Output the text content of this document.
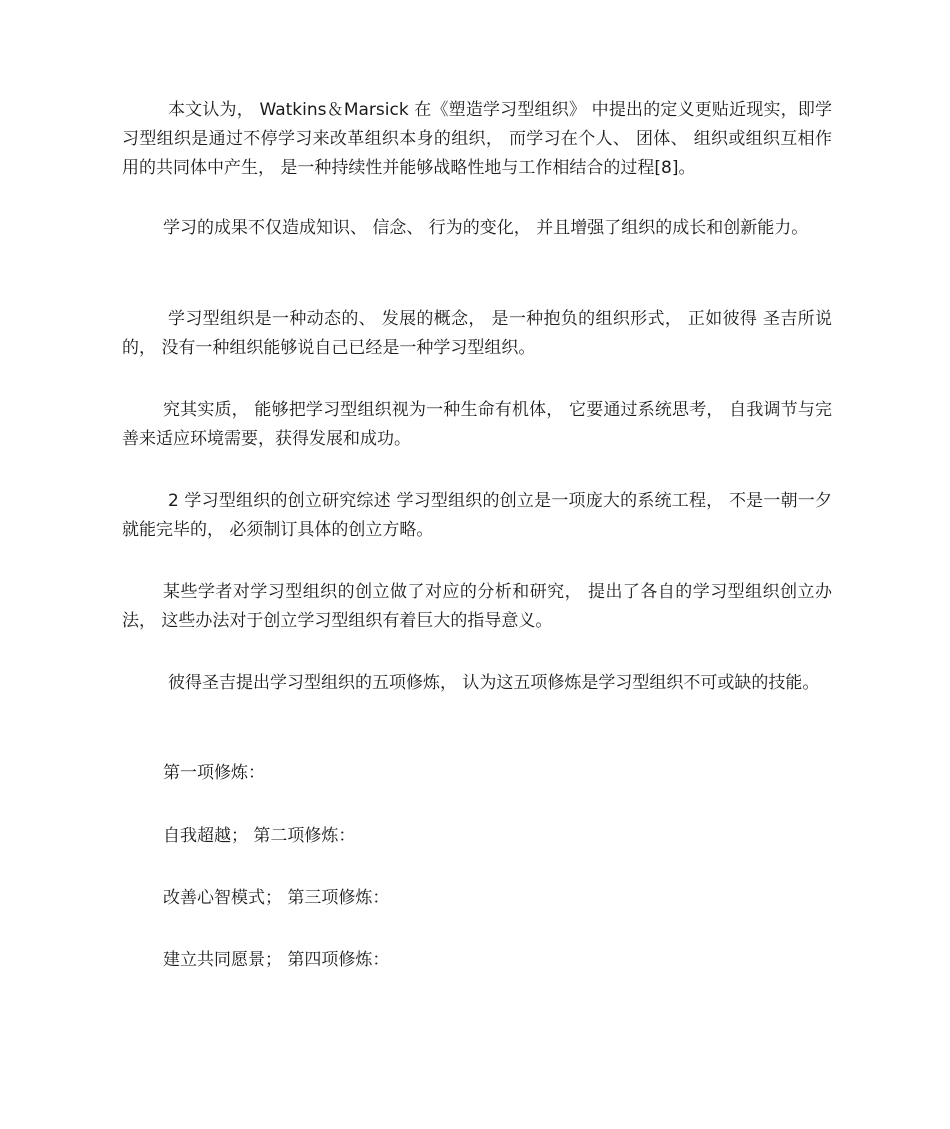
本文认为， Watkins＆Marsick 在《塑造学习型组织》 中提出的定义更贴近现实，即学习型组织是通过不停学习来改革组织本身的组织， 而学习在个人、 团体、 组织或组织互相作用的共同体中产生， 是一种持续性并能够战略性地与工作相结合的过程[8]。

学习的成果不仅造成知识、 信念、 行为的变化， 并且增强了组织的成长和创新能力。

学习型组织是一种动态的、 发展的概念， 是一种抱负的组织形式， 正如彼得 圣吉所说的， 没有一种组织能够说自己已经是一种学习型组织。

究其实质， 能够把学习型组织视为一种生命有机体， 它要通过系统思考， 自我调节与完善来适应环境需要，获得发展和成功。

2 学习型组织的创立研究综述 学习型组织的创立是一项庞大的系统工程， 不是一朝一夕就能完毕的， 必须制订具体的创立方略。

某些学者对学习型组织的创立做了对应的分析和研究， 提出了各自的学习型组织创立办法， 这些办法对于创立学习型组织有着巨大的指导意义。

彼得圣吉提出学习型组织的五项修炼， 认为这五项修炼是学习型组织不可或缺的技能。

第一项修炼：

自我超越； 第二项修炼：

改善心智模式； 第三项修炼：

建立共同愿景； 第四项修炼：
